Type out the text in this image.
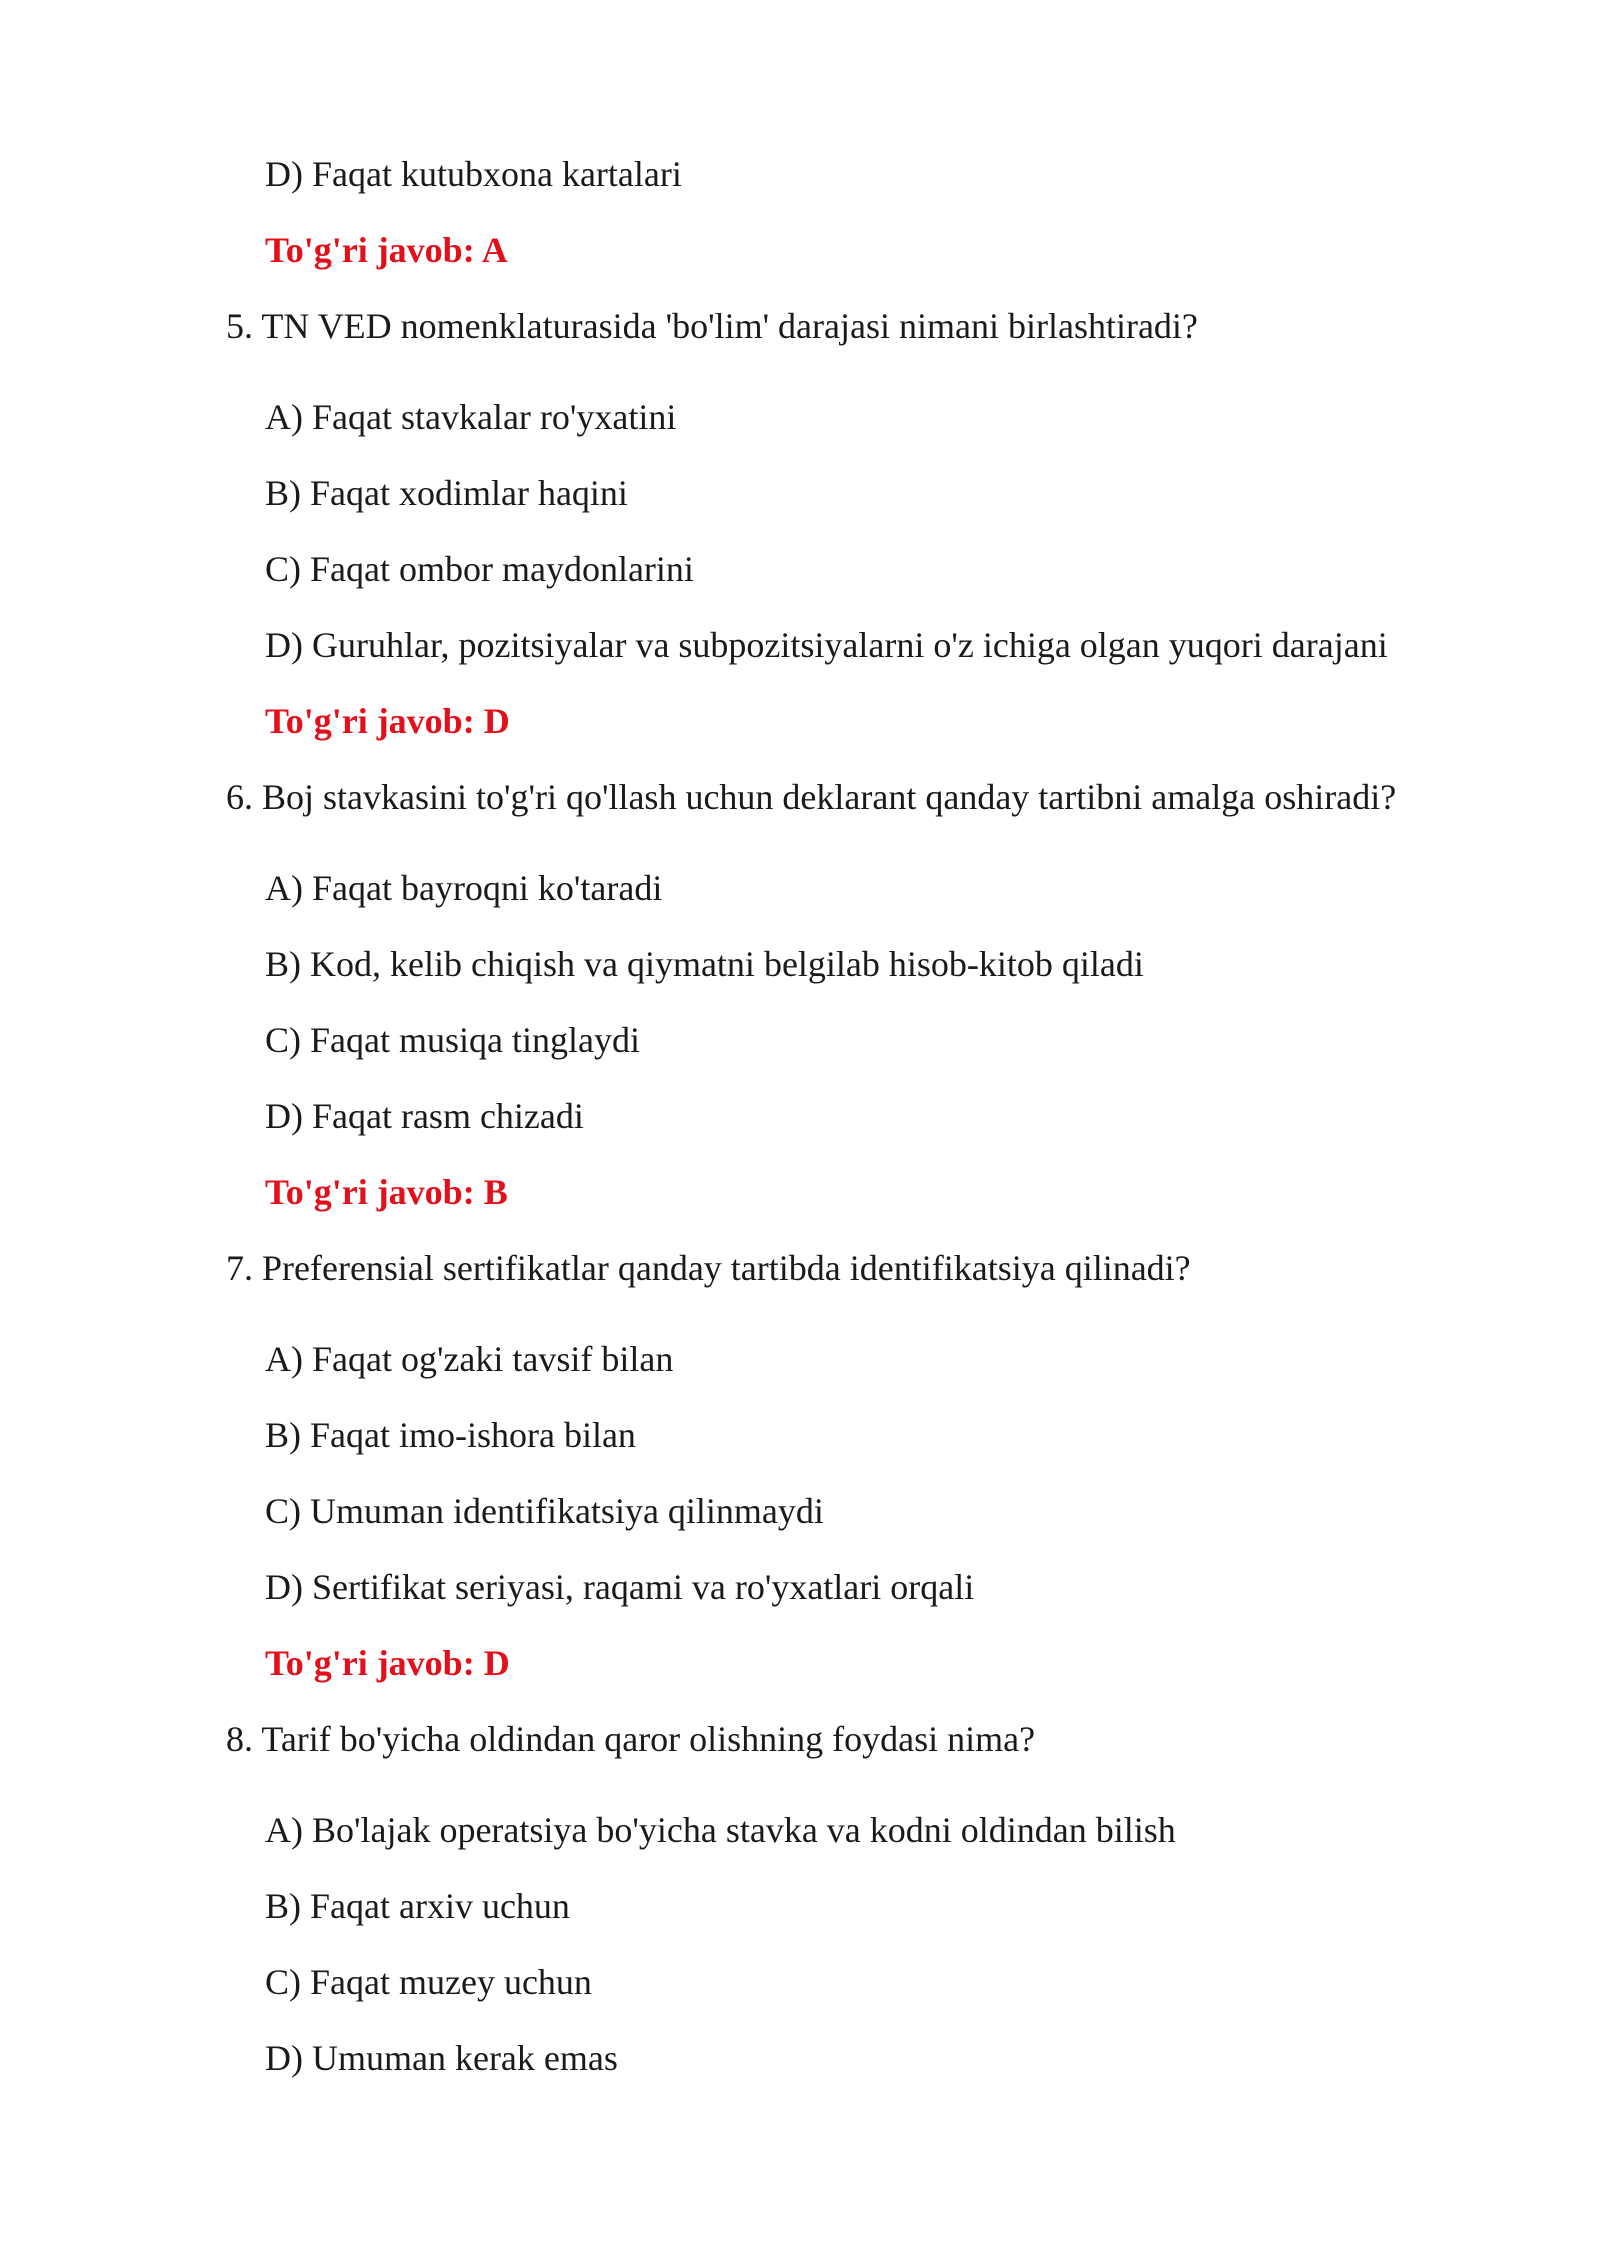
D) Faqat kutubxona kartalari
To'g'ri javob: A
5. TN VED nomenklaturasida 'bo'lim' darajasi nimani birlashtiradi?
A) Faqat stavkalar ro'yxatini
B) Faqat xodimlar haqini
C) Faqat ombor maydonlarini
D) Guruhlar, pozitsiyalar va subpozitsiyalarni o'z ichiga olgan yuqori darajani
To'g'ri javob: D
6. Boj stavkasini to'g'ri qo'llash uchun deklarant qanday tartibni amalga oshiradi?
A) Faqat bayroqni ko'taradi
B) Kod, kelib chiqish va qiymatni belgilab hisob-kitob qiladi
C) Faqat musiqa tinglaydi
D) Faqat rasm chizadi
To'g'ri javob: B
7. Preferensial sertifikatlar qanday tartibda identifikatsiya qilinadi?
A) Faqat og'zaki tavsif bilan
B) Faqat imo-ishora bilan
C) Umuman identifikatsiya qilinmaydi
D) Sertifikat seriyasi, raqami va ro'yxatlari orqali
To'g'ri javob: D
8. Tarif bo'yicha oldindan qaror olishning foydasi nima?
A) Bo'lajak operatsiya bo'yicha stavka va kodni oldindan bilish
B) Faqat arxiv uchun
C) Faqat muzey uchun
D) Umuman kerak emas
